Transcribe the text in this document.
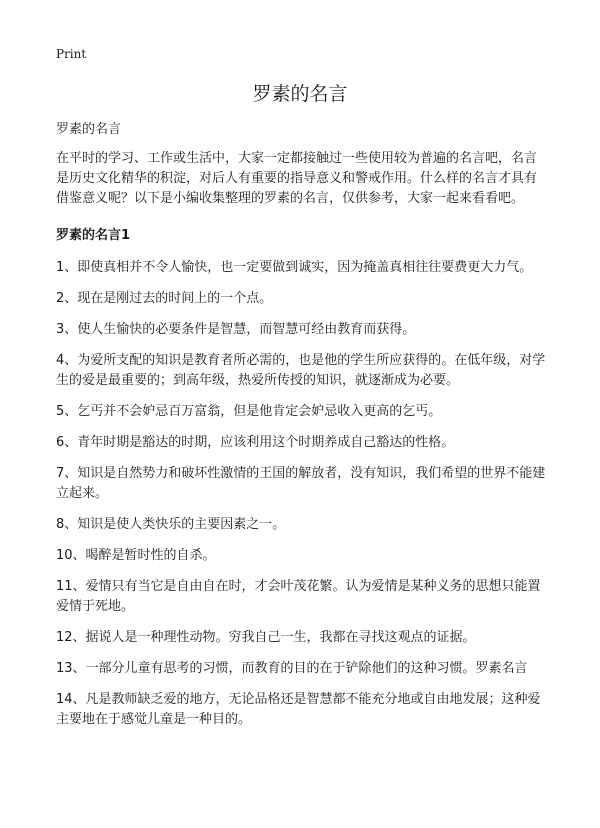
Print
罗素的名言

罗素的名言

在平时的学习、工作或生活中，大家一定都接触过一些使用较为普遍的名言吧，名言是历史文化精华的积淀，对后人有重要的指导意义和警戒作用。什么样的名言才具有借鉴意义呢？以下是小编收集整理的罗素的名言，仅供参考，大家一起来看看吧。

罗素的名言1
1、即使真相并不令人愉快，也一定要做到诚实，因为掩盖真相往往要费更大力气。
2、现在是刚过去的时间上的一个点。
3、使人生愉快的必要条件是智慧，而智慧可经由教育而获得。
4、为爱所支配的知识是教育者所必需的，也是他的学生所应获得的。在低年级，对学生的爱是最重要的；到高年级，热爱所传授的知识，就逐渐成为必要。
5、乞丐并不会妒忌百万富翁，但是他肯定会妒忌收入更高的乞丐。
6、青年时期是豁达的时期，应该利用这个时期养成自己豁达的性格。
7、知识是自然势力和破坏性激情的王国的解放者，没有知识，我们希望的世界不能建立起来。
8、知识是使人类快乐的主要因素之一。
10、喝醉是暂时性的自杀。
11、爱情只有当它是自由自在时，才会叶茂花繁。认为爱情是某种义务的思想只能置爱情于死地。
12、据说人是一种理性动物。穷我自己一生，我都在寻找这观点的证据。
13、一部分儿童有思考的习惯，而教育的目的在于铲除他们的这种习惯。罗素名言
14、凡是教师缺乏爱的地方，无论品格还是智慧都不能充分地或自由地发展；这种爱主要地在于感觉儿童是一种目的。
